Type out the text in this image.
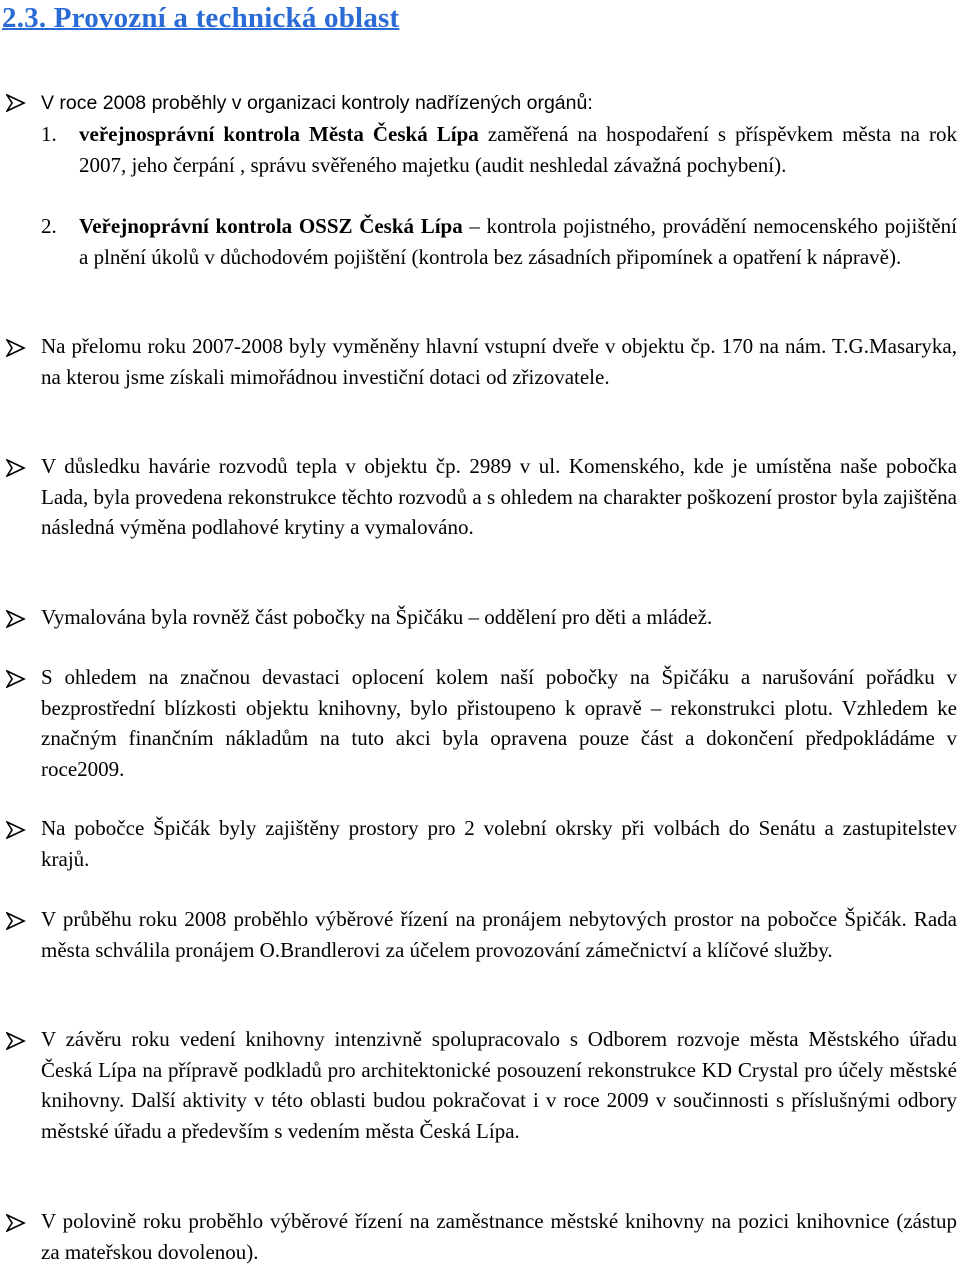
2.3. Provozní a technická oblast
V roce 2008 proběhly v organizaci kontroly nadřízených orgánů:
1.	veřejnosprávní kontrola Města Česká Lípa zaměřená na hospodaření s příspěvkem města na rok 2007, jeho čerpání , správu svěřeného majetku (audit neshledal závažná pochybení).
2.	Veřejnoprávní kontrola OSSZ Česká Lípa – kontrola pojistného, provádění nemocenského pojištění a plnění úkolů v důchodovém pojištění (kontrola bez zásadních připomínek a opatření k nápravě).
Na přelomu roku 2007-2008 byly vyměněny hlavní vstupní dveře v objektu čp. 170 na nám. T.G.Masaryka, na kterou jsme získali mimořádnou investiční dotaci od zřizovatele.
V důsledku havárie rozvodů tepla v objektu čp. 2989 v ul. Komenského, kde je umístěna naše pobočka Lada, byla provedena rekonstrukce těchto rozvodů a s ohledem na charakter poškození prostor byla zajištěna následná výměna podlahové krytiny a vymalováno.
Vymalována byla rovněž část pobočky na Špičáku – oddělení pro děti a mládež.
S ohledem na značnou devastaci oplocení kolem naší pobočky na Špičáku a narušování pořádku v bezprostřední blízkosti objektu knihovny, bylo přistoupeno k opravě – rekonstrukci plotu. Vzhledem ke značným finančním nákladům na tuto akci byla opravena pouze část a dokončení předpokládáme v roce2009.
Na pobočce Špičák byly zajištěny prostory pro 2 volební okrsky při volbách do Senátu a zastupitelstev krajů.
V průběhu roku 2008 proběhlo výběrové řízení na pronájem nebytových prostor na pobočce Špičák. Rada města schválila pronájem O.Brandlerovi za účelem provozování zámečnictví a klíčové služby.
V závěru roku vedení knihovny intenzivně spolupracovalo s Odborem rozvoje města Městského úřadu Česká Lípa na přípravě podkladů pro architektonické posouzení rekonstrukce KD Crystal pro účely městské knihovny. Další aktivity v této oblasti budou pokračovat i v roce 2009 v součinnosti s příslušnými odbory městské úřadu a především s vedením města Česká Lípa.
V polovině roku proběhlo výběrové řízení na zaměstnance městské knihovny na pozici knihovnice (zástup za mateřskou dovolenou).
